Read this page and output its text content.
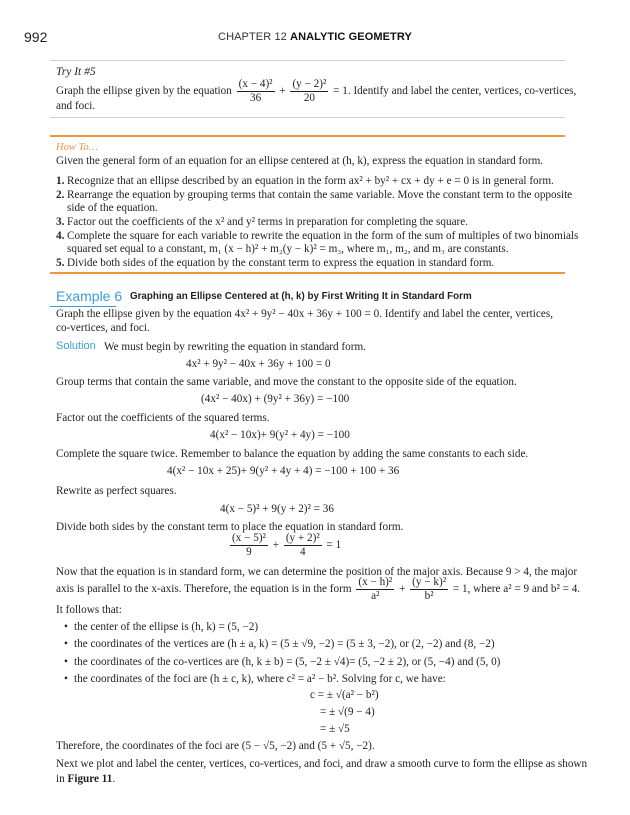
992	CHAPTER 12 ANALYTIC GEOMETRY
Try It #5
Graph the ellipse given by the equation $\frac{\text{(x − 4)²}}{36} + \frac{\text{(y − 2)²}}{20} = 1$. Identify and label the center, vertices, co-vertices,
and foci.
How To…
Given the general form of an equation for an ellipse centered at (h, k), express the equation in standard form.
1. Recognize that an ellipse described by an equation in the form ax² + by² + cx + dy + e = 0 is in general form.
2. Rearrange the equation by grouping terms that contain the same variable. Move the constant term to the opposite
side of the equation.
3. Factor out the coefficients of the x² and y² terms in preparation for completing the square.
4. Complete the square for each variable to rewrite the equation in the form of the sum of multiples of two binomials
squared set equal to a constant, m₁ (x − h)² + m₂(y − k)² = m₃, where m₁, m₂, and m₃ are constants.
5. Divide both sides of the equation by the constant term to express the equation in standard form.
Example 6 Graphing an Ellipse Centered at (h, k) by First Writing It in Standard Form
Graph the ellipse given by the equation 4x² + 9y² − 40x + 36y + 100 = 0. Identify and label the center, vertices,
co-vertices, and foci.
Solution We must begin by rewriting the equation in standard form.
4x² + 9y² − 40x + 36y + 100 = 0
Group terms that contain the same variable, and move the constant to the opposite side of the equation.
(4x² − 40x) + (9y² + 36y) = −100
Factor out the coefficients of the squared terms.
4(x² − 10x)+ 9(y² + 4y) = −100
Complete the square twice. Remember to balance the equation by adding the same constants to each side.
4(x² − 10x + 25)+ 9(y² + 4y + 4) = −100 + 100 + 36
Rewrite as perfect squares.
4(x − 5)² + 9(y + 2)² = 36
Divide both sides by the constant term to place the equation in standard form.
$\frac{\text{(x − 5)²}}{9} + \frac{\text{(y + 2)²}}{4} = 1$
Now that the equation is in standard form, we can determine the position of the major axis. Because 9 > 4, the major
axis is parallel to the x-axis. Therefore, the equation is in the form $\frac{\text{(x − h)²}}{\text{a²}} + \frac{\text{(y − k)²}}{\text{b²}} = 1$, where a² = 9 and b² = 4.
It follows that:
• the center of the ellipse is (h, k) = (5, −2)
• the coordinates of the vertices are (h ± a, k) = (5 ± √9, −2) = (5 ± 3, −2), or (2, −2) and (8, −2)
• the coordinates of the co-vertices are (h, k ± b) = (5, −2 ± √4)= (5, −2 ± 2), or (5, −4) and (5, 0)
• the coordinates of the foci are (h ± c, k), where c² = a² − b². Solving for c, we have:
c = ± √(a² − b²)
= ± √(9 − 4)
= ± √5
Therefore, the coordinates of the foci are (5 − √5, −2) and (5 + √5, −2).
Next we plot and label the center, vertices, co-vertices, and foci, and draw a smooth curve to form the ellipse as shown
in Figure 11.
